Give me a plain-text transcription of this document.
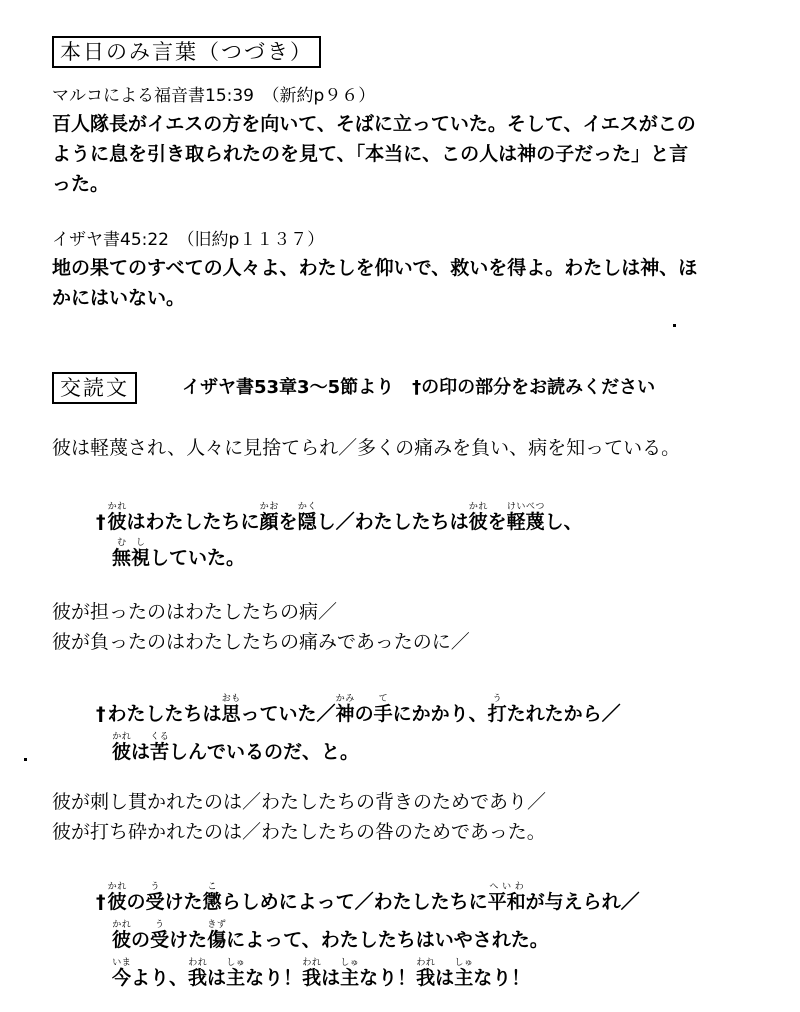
本日のみ言葉（つづき）
マルコによる福音書15:39　（新約p９６）
百人隊長がイエスの方を向いて、そばに立っていた。そして、イエスがこの
ように息を引き取られたのを見て、「本当に、この人は神の子だった」と言
った。
イザヤ書45:22　（旧約p１１３７）
地の果てのすべての人々よ、わたしを仰いで、救いを得よ。わたしは神、ほ
かにはいない。
交読文	イザヤ書53章3～5節より　†の印の部分をお読みください
彼は軽蔑され、人々に見捨てられ／多くの痛みを負い、病を知っている。
† 彼かれはわたしたちに顔かおを隠かくし／わたしたちは彼かれを軽蔑けいべつし、
無視むししていた。
彼が担ったのはわたしたちの病／
彼が負ったのはわたしたちの痛みであったのに／
† わたしたちは思おもっていた／神かみの手てにかかり、打うたれたから／
彼かれは苦くるしんでいるのだ、と。
彼が刺し貫かれたのは／わたしたちの背きのためであり／
彼が打ち砕かれたのは／わたしたちの咎のためであった。
† 彼かれの受うけた懲こらしめによって／わたしたちに平和へいわが与えられ／
彼かれの受うけた傷きずによって、わたしたちはいやされた。
今いまより、我われは主しゅなり！我われは主しゅなり！我われは主しゅなり！
